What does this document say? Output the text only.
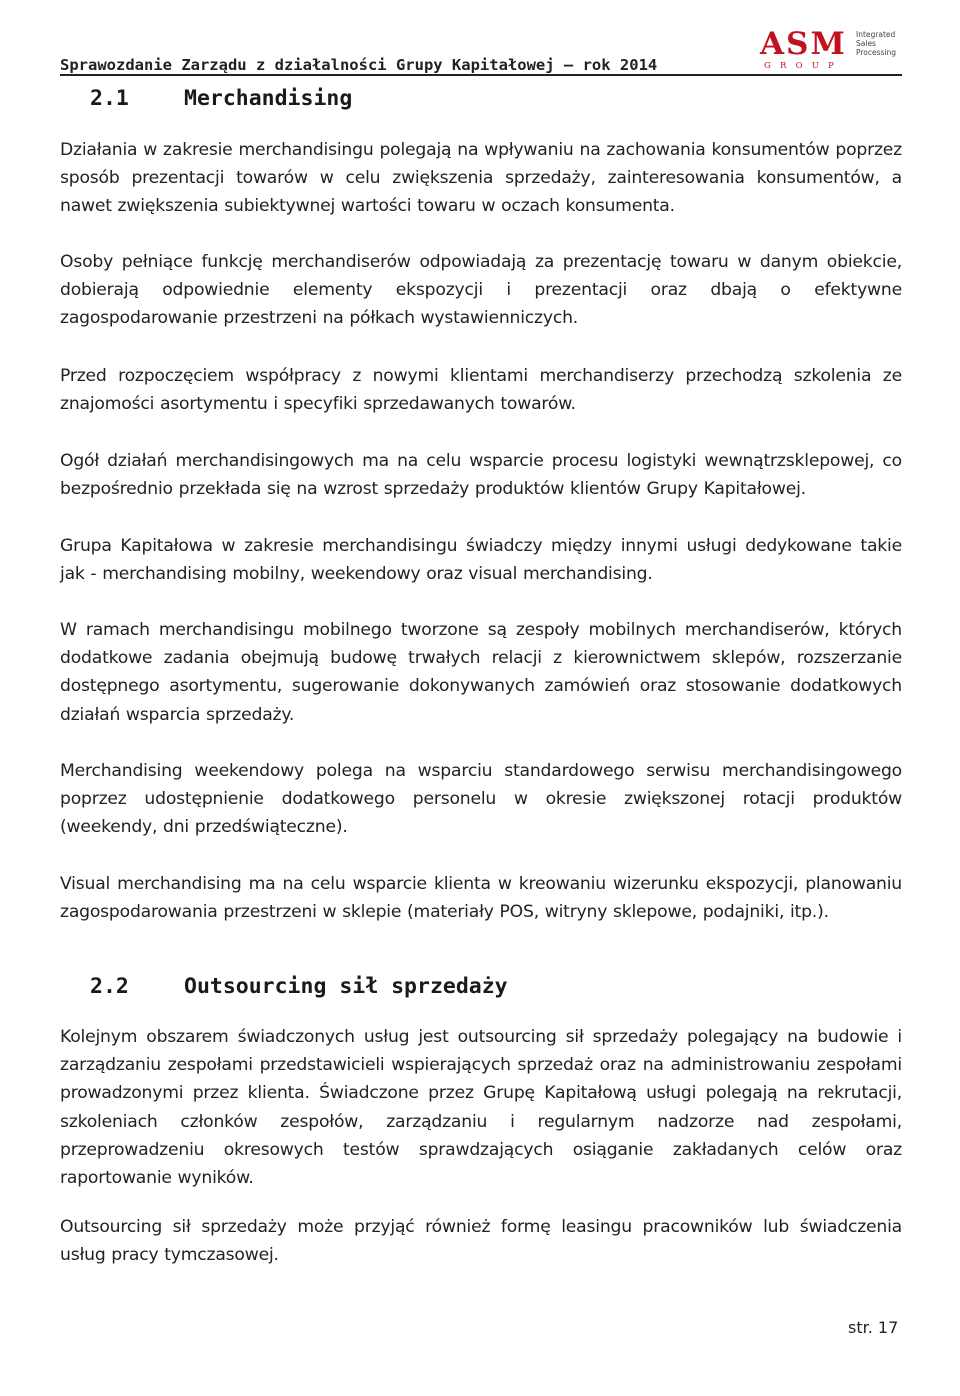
Sprawozdanie Zarządu z działalności Grupy Kapitałowej – rok 2014
ASM
GROUP
Integrated
Sales
Processing
2.1	Merchandising

Działania w zakresie merchandisingu polegają na wpływaniu na zachowania konsumentów poprzez sposób prezentacji towarów w celu zwiększenia sprzedaży, zainteresowania konsumentów, a nawet zwiększenia subiektywnej wartości towaru w oczach konsumenta.

Osoby pełniące funkcję merchandiserów odpowiadają za prezentację towaru w danym obiekcie, dobierają odpowiednie elementy ekspozycji i prezentacji oraz dbają o efektywne zagospodarowanie przestrzeni na półkach wystawienniczych.

Przed rozpoczęciem współpracy z nowymi klientami merchandiserzy przechodzą szkolenia ze znajomości asortymentu i specyfiki sprzedawanych towarów.

Ogół działań merchandisingowych ma na celu wsparcie procesu logistyki wewnątrzsklepowej, co bezpośrednio przekłada się na wzrost sprzedaży produktów klientów Grupy Kapitałowej.

Grupa Kapitałowa w zakresie merchandisingu świadczy między innymi usługi dedykowane takie jak - merchandising mobilny, weekendowy oraz visual merchandising.

W ramach merchandisingu mobilnego tworzone są zespoły mobilnych merchandiserów, których dodatkowe zadania obejmują budowę trwałych relacji z kierownictwem sklepów, rozszerzanie dostępnego asortymentu, sugerowanie dokonywanych zamówień oraz stosowanie dodatkowych działań wsparcia sprzedaży.

Merchandising weekendowy polega na wsparciu standardowego serwisu merchandisingowego poprzez udostępnienie dodatkowego personelu w okresie zwiększonej rotacji produktów (weekendy, dni przedświąteczne).

Visual merchandising ma na celu wsparcie klienta w kreowaniu wizerunku ekspozycji, planowaniu zagospodarowania przestrzeni w sklepie (materiały POS, witryny sklepowe, podajniki, itp.).

2.2	Outsourcing sił sprzedaży

Kolejnym obszarem świadczonych usług jest outsourcing sił sprzedaży polegający na budowie i zarządzaniu zespołami przedstawicieli wspierających sprzedaż oraz na administrowaniu zespołami prowadzonymi przez klienta. Świadczone przez Grupę Kapitałową usługi polegają na rekrutacji, szkoleniach członków zespołów, zarządzaniu i regularnym nadzorze nad zespołami, przeprowadzeniu okresowych testów sprawdzających osiąganie zakładanych celów oraz raportowanie wyników.

Outsourcing sił sprzedaży może przyjąć również formę leasingu pracowników lub świadczenia usług pracy tymczasowej.

str. 17
